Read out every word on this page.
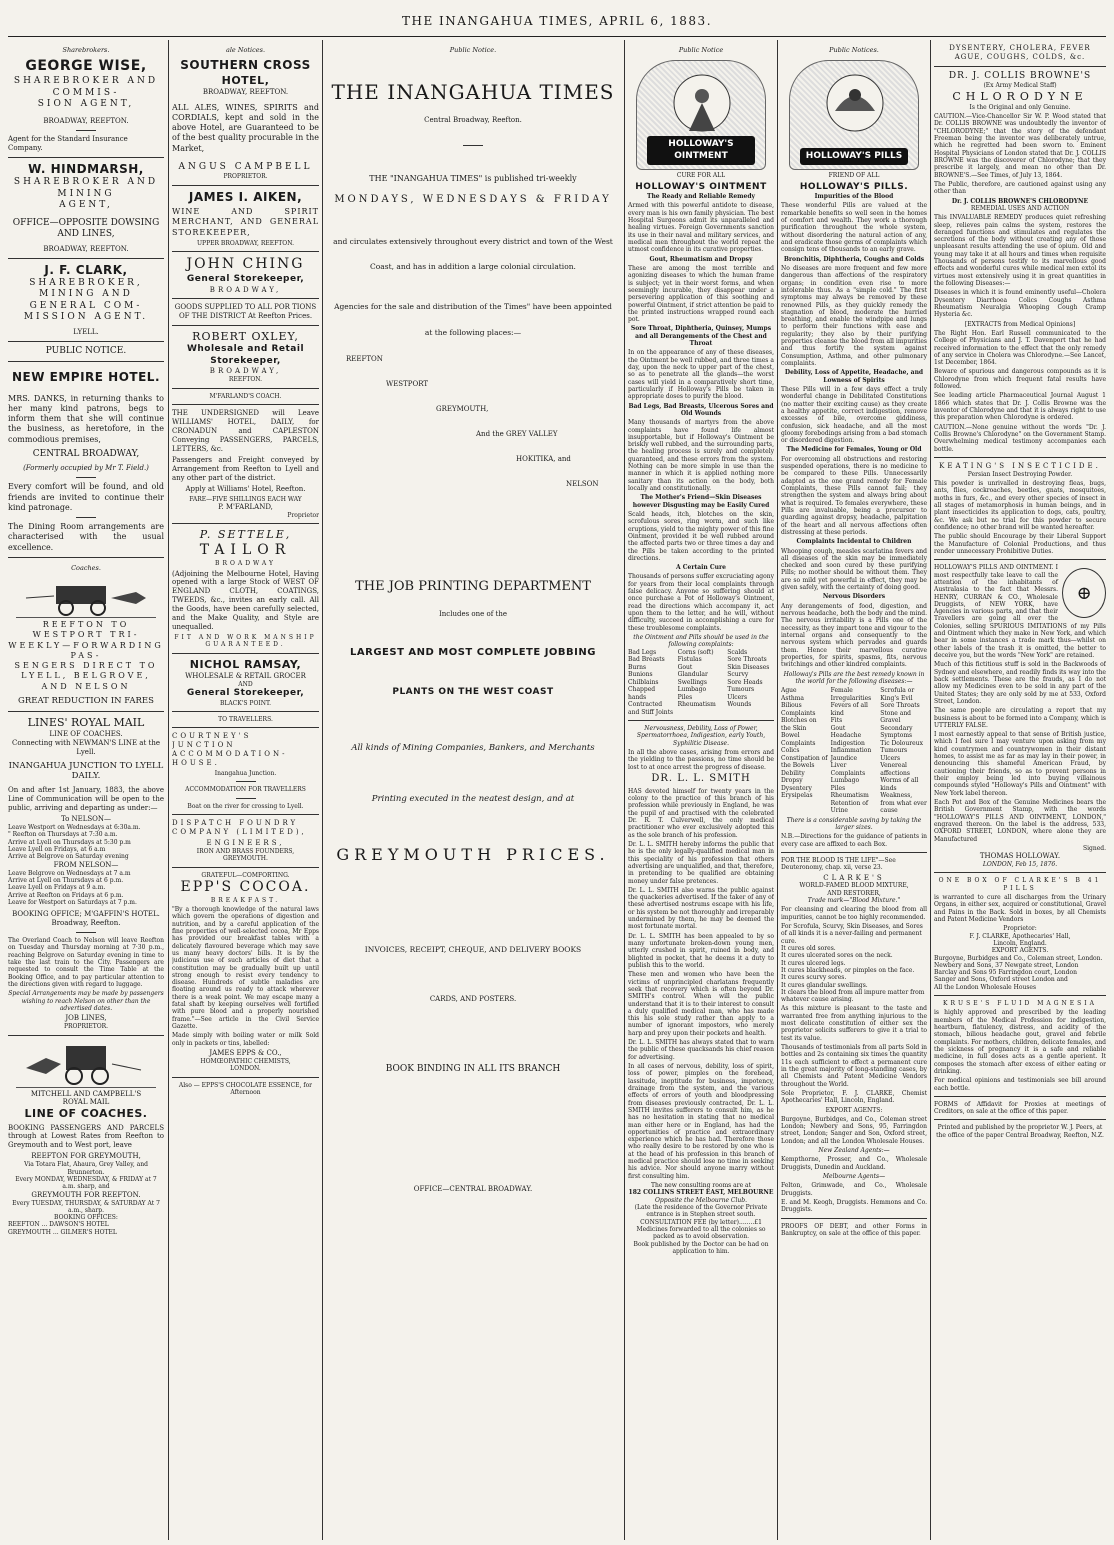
THE INANGAHUA TIMES, APRIL 6, 1883.
Sharebrokers.
GEORGE WISE,
SHAREBROKER AND COMMIS-
SION AGENT,
BROADWAY, REEFTON.

Agent for the Standard Insurance Company.

W. HINDMARSH,
SHAREBROKER AND MINING
AGENT,
OFFICE—OPPOSITE DOWSING AND LINES,
BROADWAY, REEFTON.
J. F. CLARK,
SHAREBROKER,
MINING AND GENERAL COM-
MISSION AGENT.
LYELL.
PUBLIC NOTICE.
NEW EMPIRE HOTEL.

MRS. DANKS, in returning thanks to her many kind patrons, begs to inform them that she will continue the business, as heretofore, in the commodious premises,

CENTRAL BROADWAY,

(Formerly occupied by Mr T. Field.)

Every comfort will be found, and old friends are invited to continue their kind patronage.

The Dining Room arrangements are characterised with the usual excellence.

Coaches.
REEFTON TO WESTPORT TRI-
WEEKLY—FORWARDING PAS-
SENGERS DIRECT TO
LYELL, BELGROVE, AND NELSON
GREAT REDUCTION IN FARES
LINES' ROYAL MAIL
LINE OF COACHES.
Connecting with NEWMAN'S LINE at the Lyell.
INANGAHUA JUNCTION TO LYELL DAILY.

On and after 1st January, 1883, the above Line of Communication will be open to the public, arriving and departing as under:—

To NELSON—
Leave Westport on Wednesdays at 6:30a.m.
" Reefton on Thursdays at 7:30 a.m.
Arrive at Lyell on Thursdays at 5:30 p.m
Leave Lyell on Fridays, at 6 a.m
Arrive at Belgrove on Saturday evening
FROM NELSON—
Leave Belgrove on Wednesdays at 7 a.m
Arrive at Lyell on Thursdays at 6 p.m.
Leave Lyell on Fridays at 9 a.m.
Arrive at Reefton on Fridays at 6 p.m.
Leave for Westport on Saturdays at 7 p.m.
BOOKING OFFICE; M'GAFFIN'S HOTEL.
Broadway, Reefton.

The Overland Coach to Nelson will leave Reefton on Tuesday and Thursday morning at 7·30 p.m., reaching Belgrove on Saturday evening in time to take the last train to the City. Passengers are requested to consult the Time Table at the Booking Office, and to pay particular attention to the directions given with regard to luggage.

Special Arrangements may be made by passengers wishing to reach Nelson on other than the advertised dates.

JOB LINES,
PROPRIETOR.
MITCHELL AND CAMPBELL'S
ROYAL MAIL
LINE OF COACHES.

BOOKING PASSENGERS AND PARCELS through at Lowest Rates from Reefton to Greymouth and to West port, leave

REEFTON FOR GREYMOUTH,
Via Totara Flat, Ahaura, Grey Valley, and Brunnerton.
Every MONDAY, WEDNESDAY, & FRIDAY at 7 a.m. sharp, and
GREYMOUTH FOR REEFTON.
Every TUESDAY, THURSDAY, & SATURDAY At 7 a.m., sharp.
BOOKING OFFICES:
REEFTON ... DAWSON'S HOTEL
GREYMOUTH ... GILMER'S HOTEL
ale Notices.
SOUTHERN CROSS
HOTEL,
BROADWAY, REEFTON.

ALL ALES, WINES, SPIRITS and CORDIALS, kept and sold in the above Hotel, are Guaranteed to be of the best quality procurable in the Market,

ANGUS CAMPBELL
PROPRIETOR.
JAMES I. AIKEN,

WINE AND SPIRIT MERCHANT, AND GENERAL STOREKEEPER,

UPPER BROADWAY, REEFTON.
JOHN CHING
General Storekeeper,
BROADWAY,
GOODS SUPPLIED TO ALL POR TIONS OF THE DISTRICT At Reefton Prices.
ROBERT OXLEY,
Wholesale and Retail
Storekeeper,
BROADWAY,
REEFTON.
M'FARLAND'S COACH.

THE UNDERSIGNED will Leave WILLIAMS' HOTEL, DAILY, for CRONADUN and CAPLESTON Conveying PASSENGERS, PARCELS, LETTERS, &c.

Passengers and Freight conveyed by Arrangement from Reefton to Lyell and any other part of the district.

Apply at Williams' Hotel, Reefton.

FARE—FIVE SHILLINGS EACH WAY
P. M'FARLAND,
Proprietor
P. SETTELE,
TAILOR
BROADWAY

(Adjoining the Melbourne Hotel, Having opened with a large Stock of WEST OF ENGLAND CLOTH, COATINGS, TWEEDS, &c., invites an early call. All the Goods, have been carefully selected, and the Make Quality, and Style are unequalled.

FIT AND WORK MANSHIP GUARANTEED.
NICHOL RAMSAY,
WHOLESALE & RETAIL GROCER
AND
General Storekeeper,
BLACK'S POINT.
TO TRAVELLERS.

COURTNEY'S JUNCTION ACCOMMODATION-HOUSE.

Inangahua Junction.
ACCOMMODATION FOR TRAVELLERS
Boat on the river for crossing to Lyell.

DISPATCH FOUNDRY COMPANY (LIMITED),

ENGINEERS,
IRON AND BRASS FOUNDERS,
GREYMOUTH.
GRATEFUL—COMFORTING.
EPP'S COCOA.
BREAKFAST.

"By a thorough knowledge of the natural laws which govern the operations of digestion and nutrition, and by a careful application of the fine properties of well-selected cocoa, Mr Epps has provided our breakfast tables with a delicately flavoured beverage which may save us many heavy doctors' bills. It is by the judicious use of such articles of diet that a constitution may be gradually built up until strong enough to resist every tendency to disease. Hundreds of subtle maladies are floating around us ready to attack wherever there is a weak point. We may escape many a fatal shaft by keeping ourselves well fortified with pure blood and a properly nourished frame."—See article in the Civil Service Gazette.

Made simply with boiling water or milk Sold only in packets or tins, labelled:

JAMES EPPS & CO.,
HOMŒOPATHIC CHEMISTS,
LONDON.
Also — EPPS'S CHOCOLATE ESSENCE, for Afternoon
Public Notice.
THE INANGAHUA TIMES
Central Broadway, Reefton.
THE "INANGAHUA TIMES" is published tri-weekly
MONDAYS, WEDNESDAYS & FRIDAY
and circulates extensively throughout every district and town of the West
Coast, and has in addition a large colonial circulation.
Agencies for the sale and distribution of the Times" have been appointed
at the following places:—
REEFTON
WESTPORT
GREYMOUTH,
And the GREY VALLEY
HOKITIKA, and
NELSON
THE JOB PRINTING DEPARTMENT
Includes one of the
LARGEST AND MOST COMPLETE JOBBING
PLANTS ON THE WEST COAST
All kinds of Mining Companies, Bankers, and Merchants
Printing executed in the neatest design, and at
GREYMOUTH PRICES.
INVOICES, RECEIPT, CHEQUE, AND DELIVERY BOOKS
CARDS, AND POSTERS.
BOOK BINDING IN ALL ITS BRANCH
OFFICE—CENTRAL BROADWAY.
Public Notice
HOLLOWAY'S OINTMENT
CURE FOR ALL
HOLLOWAY'S OINTMENT
The Ready and Reliable Remedy

Armed with this powerful antidote to disease, every man is his own family physician. The best Hospital Surgeons admit its unparalleled and healing virtues. Foreign Governments sanction its use in their naval and military services, and medical men throughout the world repeat the utmost confidence in its curative properties.

Gout, Rheumatism and Dropsy

These are among the most terrible and agonizing diseases to which the human frame is subject; yet in their worst forms, and when seemingly incurable, they disappear under a persevering application of this soothing and powerful Ointment, if strict attention be paid to the printed instructions wrapped round each pot.

Sore Throat, Diphtheria, Quinsey, Mumps and all Derangements of the Chest and Throat

In on the appearance of any of these diseases, the Ointment be well rubbed, and three times a day, upon the neck to upper part of the chest, so as to penetrate all the glands—the worst cases will yield in a comparatively short time, particularly if Holloway's Pills be taken in appropriate doses to purify the blood.

Bad Legs, Bad Breasts, Ulcerous Sores and Old Wounds

Many thousands of martyrs from the above complaints have found life almost insupportable, but if Holloway's Ointment be briskly well rubbed, and the surrounding parts, the healing process is surely and completely guaranteed, and these errors from the system. Nothing can be more simple in use than the manner in which it is applied nothing more sanitary than its action on the body, both locally and constitutionally.

The Mother's Friend—Skin Diseases however Disgusting may be Easily Cured

Scald heads, itch, blotches on the skin, scrofulous sores, ring worm, and such like eruptions, yield to the mighty power of this fine Ointment, provided it be well rubbed around the affected parts two or three times a day and the Pills be taken according to the printed directions.

A Certain Cure

Thousands of persons suffer excruciating agony for years from their local complaints through false delicacy. Anyone so suffering should at once purchase a Pot of Holloway's Ointment, read the directions which accompany it, act upon them to the letter, and he will, without difficulty, succeed in accomplishing a cure for these troublesome complaints.

the Ointment and Pills should be used in the following complaints:
Bad Legs
Bad Breasts
Burns
Bunions
Chilblains
Chapped hands
Contracted and Stiff Joints
Corns (soft)
Fistulas
Gout
Glandular
Swellings
Lumbago
Piles
Rheumatism
Scalds
Sore Throats
Skin Diseases
Scurvy
Sore Heads
Tumours
Ulcers
Wounds

Nervousness, Debility, Loss of Power, Spermatorrhoea, Indigestion, early Youth, Syphilitic Disease.

In all the above cases, arising from errors and the yielding to the passions, no time should be lost to at once arrest the progress of disease.

DR. L. L. SMITH

HAS devoted himself for twenty years in the colony to the practice of this branch of his profession while previously in England, he was the pupil of and practised with the celebrated Dr. R. T. Culverwell, the only medical practitioner who ever exclusively adopted this as the sole branch of his profession.

Dr. L. L. SMITH hereby informs the public that he is the only legally-qualified medical man in this speciality of his profession that others advertising are unqualified, and that, therefore, in pretending to be qualified are obtaining money under false pretences.

Dr. L. L. SMITH also warns the public against the quackeries advertised. If the taker of any of these advertised nostrums escape with his life, or his system be not thoroughly and irreparably undermined by them, he may be deemed the most fortunate mortal.

Dr. L. L. SMITH has been appealed to by so many unfortunate broken-down young men, utterly crushed in spirit, ruined in body, and blighted in pocket, that he deems it a duty to publish this to the world.

These men and women who have been the victims of unprincipled charlatans frequently seek that recovery which is often beyond Dr. SMITH's control. When will the public understand that it is to their interest to consult a duly qualified medical man, who has made this his sole study rather than apply to a number of ignorant impostors, who merely harp and prey upon their pockets and health.

Dr. L. L. SMITH has always stated that to warn the public of these quacksands his chief reason for advertising.

In all cases of nervous, debility, loss of spirit, loss of power, pimples on the forehead, lassitude, ineptitude for business, impotency, drainage from the system, and the various effects of errors of youth and bloodpressing from diseases previously contracted, Dr. L. L. SMITH invites sufferers to consult him, as he has no hesitation in stating that no medical man either here or in England, has had the opportunities of practice and extraordinary experience which he has had. Therefore those who really desire to be restored by one who is at the head of his profession in this branch of medical practice should lose no time in seeking his advice. Nor should anyone marry without first consulting him.

The new consulting rooms are at
182 COLLINS STREET EAST, MELBOURNE
Opposite the Melbourne Club.
(Late the residence of the Governor Private entrance is in Stephen street south.
CONSULTATION FEE (by letter)........£1
Medicines forwarded to all the colonies so packed as to avoid observation.
Book published by the Doctor can be had on application to him.
Public Notices.
HOLLOWAY'S PILLS
FRIEND OF ALL
HOLLOWAY'S PILLS.
Impurities of the Blood

These wonderful Pills are valued at the remarkable benefits so well seen in the homes of comfort and wealth. They work a thorough purification throughout the whole system, without disordering the natural action of any, and eradicate those germs of complaints which consign tens of thousands to an early grave.

Bronchitis, Diphtheria, Coughs and Colds

No diseases are more frequent and few more dangerous than affections of the respiratory organs; in condition even rise to more intolerable thus. As a "simple cold." The first symptoms may always be removed by these renowned Pills, as they quickly remedy the stagnation of blood, moderate the hurried breathing, and enable the windpipe and lungs to perform their functions with ease and regularity; they also by their purifying properties cleanse the blood from all impurities and thus fortify the system against Consumption, Asthma, and other pulmonary complaints.

Debility, Loss of Appetite, Headache, and Lowness of Spirits

These Pills will in a few days effect a truly wonderful change in Debilitated Constitutions (no matter their exciting cause) as they create a healthy appetite, correct indigestion, remove excesses of bile, overcome giddiness, confusion, sick headache, and all the most gloomy forebodings arising from a bad stomach or disordered digestion.

The Medicine for Females, Young or Old

For overcoming all obstructions and restoring suspended operations, there is no medicine to be compared to these Pills. Unnecessarily adapted as the one grand remedy for Female Complaints, these Pills cannot fail; they strengthen the system and always bring about what is required. To females everywhere, these Pills are invaluable, being a precursor to guarding against dropsy, headache, palpitation of the heart and all nervous affections often distressing at these periods.

Complaints Incidental to Children

Whooping cough, measles scarlatina fevers and all diseases of the skin may be immediately checked and soon cured by these purifying Pills; no mother should be without them. They are so mild yet powerful in effect, they may be given safely, with the certainty of doing good.

Nervous Disorders

Any derangements of food, digestion, and nervous headache, both the body and the mind. The nervous irritability is a Pills one of the necessity, as they impart tone and vigour to the internal organs and consequently to the nervous system which pervades and guards them. Hence their marvellous curative properties, for spirits, spasms, fits, nervous twitchings and other kindred complaints.

Holloway's Pills are the best remedy known in the world for the following diseases:—

Ague
Asthma
Bilious Complaints
Blotches on the Skin
Bowel Complaints
Colics
Constipation of the Bowels
Debility
Dropsy
Dysentery
Erysipelas
Female Irregularities
Fevers of all kind
Fits
Gout
Headache
Indigestion
Inflammation
Jaundice
Liver Complaints
Lumbago
Piles
Rheumatism
Retention of Urine
Scrofula or King's Evil
Sore Throats
Stone and Gravel
Secondary Symptoms
Tic Doloureux
Tumours
Ulcers
Venereal affections
Worms of all kinds
Weakness, from what ever cause

There is a considerable saving by taking the larger sizes.

N.B.—Directions for the guidance of patients in every case are affixed to each Box.

FOR THE BLOOD IS THE LIFE"—See Deuteronomy, chap. xii, verse 23.

CLARKE'S
WORLD-FAMED BLOOD MIXTURE,
AND RESTORER,
Trade mark—"Blood Mixture."

For cleansing and clearing the blood from all impurities, cannot be too highly recommended.

For Scrofula, Scurvy, Skin Diseases, and Sores of all kinds it is a never-failing and permanent cure.
It cures old sores.
It cures ulcerated sores on the neck.
It cures ulcered legs.
It cures blackheads, or pimples on the face.
It cures scurvy sores.
It cures glandular swellings.
It clears the blood from all impure matter from whatever cause arising.

As this mixture is pleasant to the taste and warranted free from anything injurious to the most delicate constitution of either sex the proprietor solicits sufferers to give it a trial to test its value.

Thousands of testimonials from all parts Sold in bottles and 2s containing six times the quantity 11s each sufficient to effect a permanent cure in the great majority of long-standing cases, by all Chemists and Patent Medicine Vendors throughout the World.

Sole Proprietor, F. J. CLARKE, Chemist Apothecaries' Hall, Lincoln, England.

EXPORT AGENTS:

Burgoyne, Burbidges, and Co., Coleman street London; Newbery and Sons, 95, Farringdon street, London; Sanger and Son, Oxford street, London; and all the London Wholesale Houses.

New Zealand Agents:—

Kempthorne, Prosser, and Co., Wholesale Druggists, Dunedin and Auckland.

Melbourne Agents—

Felton, Grimwade, and Co., Wholesale Druggists.

E. and M. Keogh, Druggists. Hemmons and Co. Druggists.

PROOFS OF DEBT, and other Forms in Bankruptcy, on sale at the office of this paper.

DYSENTERY, CHOLERA, FEVER AGUE, COUGHS, COLDS, &c.
DR. J. COLLIS BROWNE'S
(Ex Army Medical Staff)
CHLORODYNE
Is the Original and only Genuine.

CAUTION.—Vice-Chancellor Sir W. P. Wood stated that Dr. COLLIS BROWNE was undoubtedly the inventor of "CHLORODYNE;" that the story of the defendant Freeman being the inventor was deliberately untrue, which he regretted had been sworn to. Eminent Hospital Physicians of London stated that Dr. J. COLLIS BROWNE was the discoverer of Chlorodyne; that they prescribe it largely, and mean no other than Dr. BROWNE'S.—See Times, of July 13, 1864.

The Public, therefore, are cautioned against using any other than

Dr. J. COLLIS BROWNE'S CHLORODYNE
REMEDIAL USES AND ACTION

This INVALUABLE REMEDY produces quiet refreshing sleep, relieves pain calms the system, restores the deranged functions and stimulates and regulates the secretions of the body without creating any of those unpleasant results attending the use of opium. Old and young may take it at all hours and times when requisite Thousands of persons testify to its marvellous good effects and wonderful cures while medical men extol its virtues most extensively using it in great quantities in the following Diseases:—

Diseases in which it is found eminently useful—Cholera Dysentery Diarrhoea Colics Coughs Asthma Rheumatism Neuralgia Whooping Cough Cramp Hysteria &c.

[EXTRACTS from Medical Opinions]

The Right Hon. Earl Russell communicated to the College of Physicians and J. T. Davenport that he had received information to the effect that the only remedy of any service in Cholera was Chlorodyne.—See Lancet, 1st December, 1864.

Beware of spurious and dangerous compounds as it is Chlorodyne from which frequent fatal results have followed.

See leading article Pharmaceutical Journal August 1 1866 which states that Dr. J. Collis Browne was the inventor of Chlorodyne and that it is always right to use this preparation when Chlorodyne is ordered.

CAUTION.—None genuine without the words "Dr. J. Collis Browne's Chlorodyne" on the Government Stamp. Overwhelming medical testimony accompanies each bottle.

KEATING'S INSECTICIDE.
Persian Insect Destroying Powder.

This powder is unrivalled in destroying fleas, bugs, ants, flies, cockroaches, beetles, gnats, mosquitoes, moths in furs, &c., and every other species of insect in all stages of metamorphosis in human beings, and in plant insecticides its application to dogs, cats, poultry, &c. We ask but no trial for this powder to secure confidence; no other brand will be wanted hereafter.

The public should Encourage by their Liberal Support the Manufacture of Colonial Productions, and thus render unnecessary Prohibitive Duties.

⊕

HOLLOWAY'S PILLS AND OINTMENT. I most respectfully take leave to call the attention of the inhabitants of Australasia to the fact that Messrs. HENRY, CURRAN & CO., Wholesale Druggists, of NEW YORK, have Agencies in various parts, and that their Travellers are going all over the Colonies, selling SPURIOUS IMITATIONS of my Pills and Ointment which they make in New York, and which bear in some instances a trade mark thus—whilst on other labels of the trash it is omitted, the better to deceive you, but the words "New York" are retained.

Much of this fictitious stuff is sold in the Backwoods of Sydney and elsewhere, and readily finds its way into the back settlements. These are the frauds, as I do not allow my Medicines even to be sold in any part of the United States; they are only sold by me at 533, Oxford Street, London.

The same people are circulating a report that my business is about to be formed into a Company, which is UTTERLY FALSE.

I most earnestly appeal to that sense of British justice, which I feel sure I may venture upon asking from my kind countrymen and countrywomen in their distant homes, to assist me as far as may lay in their power, in denouncing this shameful American Fraud, by cautioning their friends, so as to prevent persons in their employ being led into buying villainous compounds styled "Holloway's Pills and Ointment" with New York label thereon.

Each Pot and Box of the Genuine Medicines bears the British Government Stamp, with the words "HOLLOWAY'S PILLS AND OINTMENT, LONDON," engraved thereon. On the label is the address, 533, OXFORD STREET, LONDON, where alone they are Manufactured

Signed.
THOMAS HOLLOWAY.
LONDON, Feb 15, 1876.
ONE BOX OF CLARKE'S B 41 PILLS

is warranted to cure all discharges from the Urinary Organs, in either sex, acquired or constitutional, Gravel and Pains in the Back. Sold in boxes, by all Chemists and Patent Medicine Vendors

Proprietor:
F. J. CLARKE, Apothecaries' Hall,
Lincoln, England.
EXPORT AGENTS.
Burgoyne, Burbidges and Co., Coleman street, London.
Newbery and Sons, 37 Newgate street, London
Barclay and Sons 95 Farringdon court, London
Sanger and Sons, Oxford street London and
All the London Wholesale Houses
KRUSE'S FLUID MAGNESIA

is highly approved and prescribed by the leading members of the Medical Profession for indigestion, heartburn, flatulency, distress, and acidity of the stomach, bilious headache gout, gravel and febrile complaints. For mothers, children, delicate females, and the sickness of pregnancy it is a safe and reliable medicine, in full doses acts as a gentle aperient. It composes the stomach after excess of either eating or drinking.

For medical opinions and testimonials see bill around each bottle.

FORMS of Affidavit for Proxies at meetings of Creditors, on sale at the office of this paper.

Printed and published by the proprietor W. J. Peers, at the office of the paper Central Broadway, Reefton, N.Z.
